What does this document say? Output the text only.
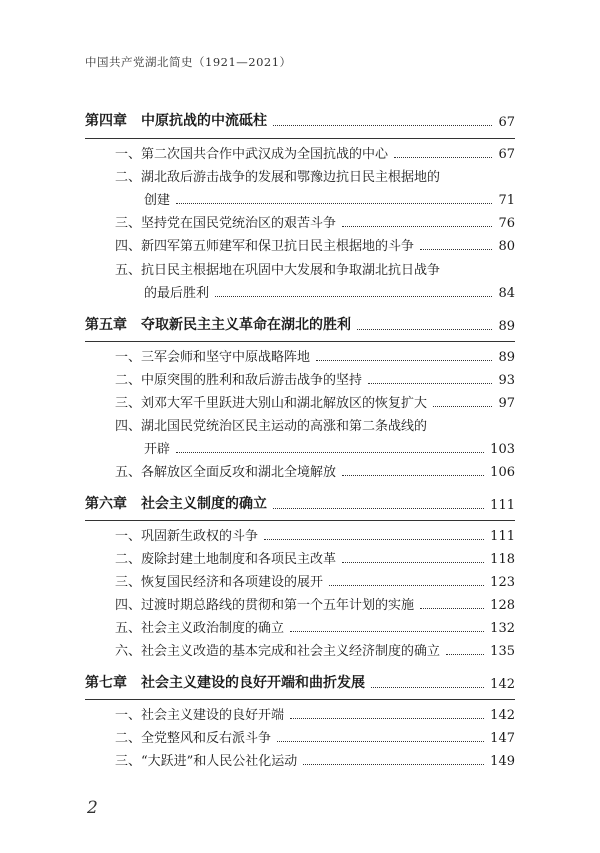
中国共产党湖北简史（1921—2021）
第四章 中原抗战的中流砥柱	67
一、第二次国共合作中武汉成为全国抗战的中心	67
二、湖北敌后游击战争的发展和鄂豫边抗日民主根据地的
创建	71
三、坚持党在国民党统治区的艰苦斗争	76
四、新四军第五师建军和保卫抗日民主根据地的斗争	80
五、抗日民主根据地在巩固中大发展和争取湖北抗日战争
的最后胜利	84
第五章 夺取新民主主义革命在湖北的胜利	89
一、三军会师和坚守中原战略阵地	89
二、中原突围的胜利和敌后游击战争的坚持	93
三、刘邓大军千里跃进大别山和湖北解放区的恢复扩大	97
四、湖北国民党统治区民主运动的高涨和第二条战线的
开辟	103
五、各解放区全面反攻和湖北全境解放	106
第六章 社会主义制度的确立	111
一、巩固新生政权的斗争	111
二、废除封建土地制度和各项民主改革	118
三、恢复国民经济和各项建设的展开	123
四、过渡时期总路线的贯彻和第一个五年计划的实施	128
五、社会主义政治制度的确立	132
六、社会主义改造的基本完成和社会主义经济制度的确立	135
第七章 社会主义建设的良好开端和曲折发展	142
一、社会主义建设的良好开端	142
二、全党整风和反右派斗争	147
三、“大跃进”和人民公社化运动	149
2
